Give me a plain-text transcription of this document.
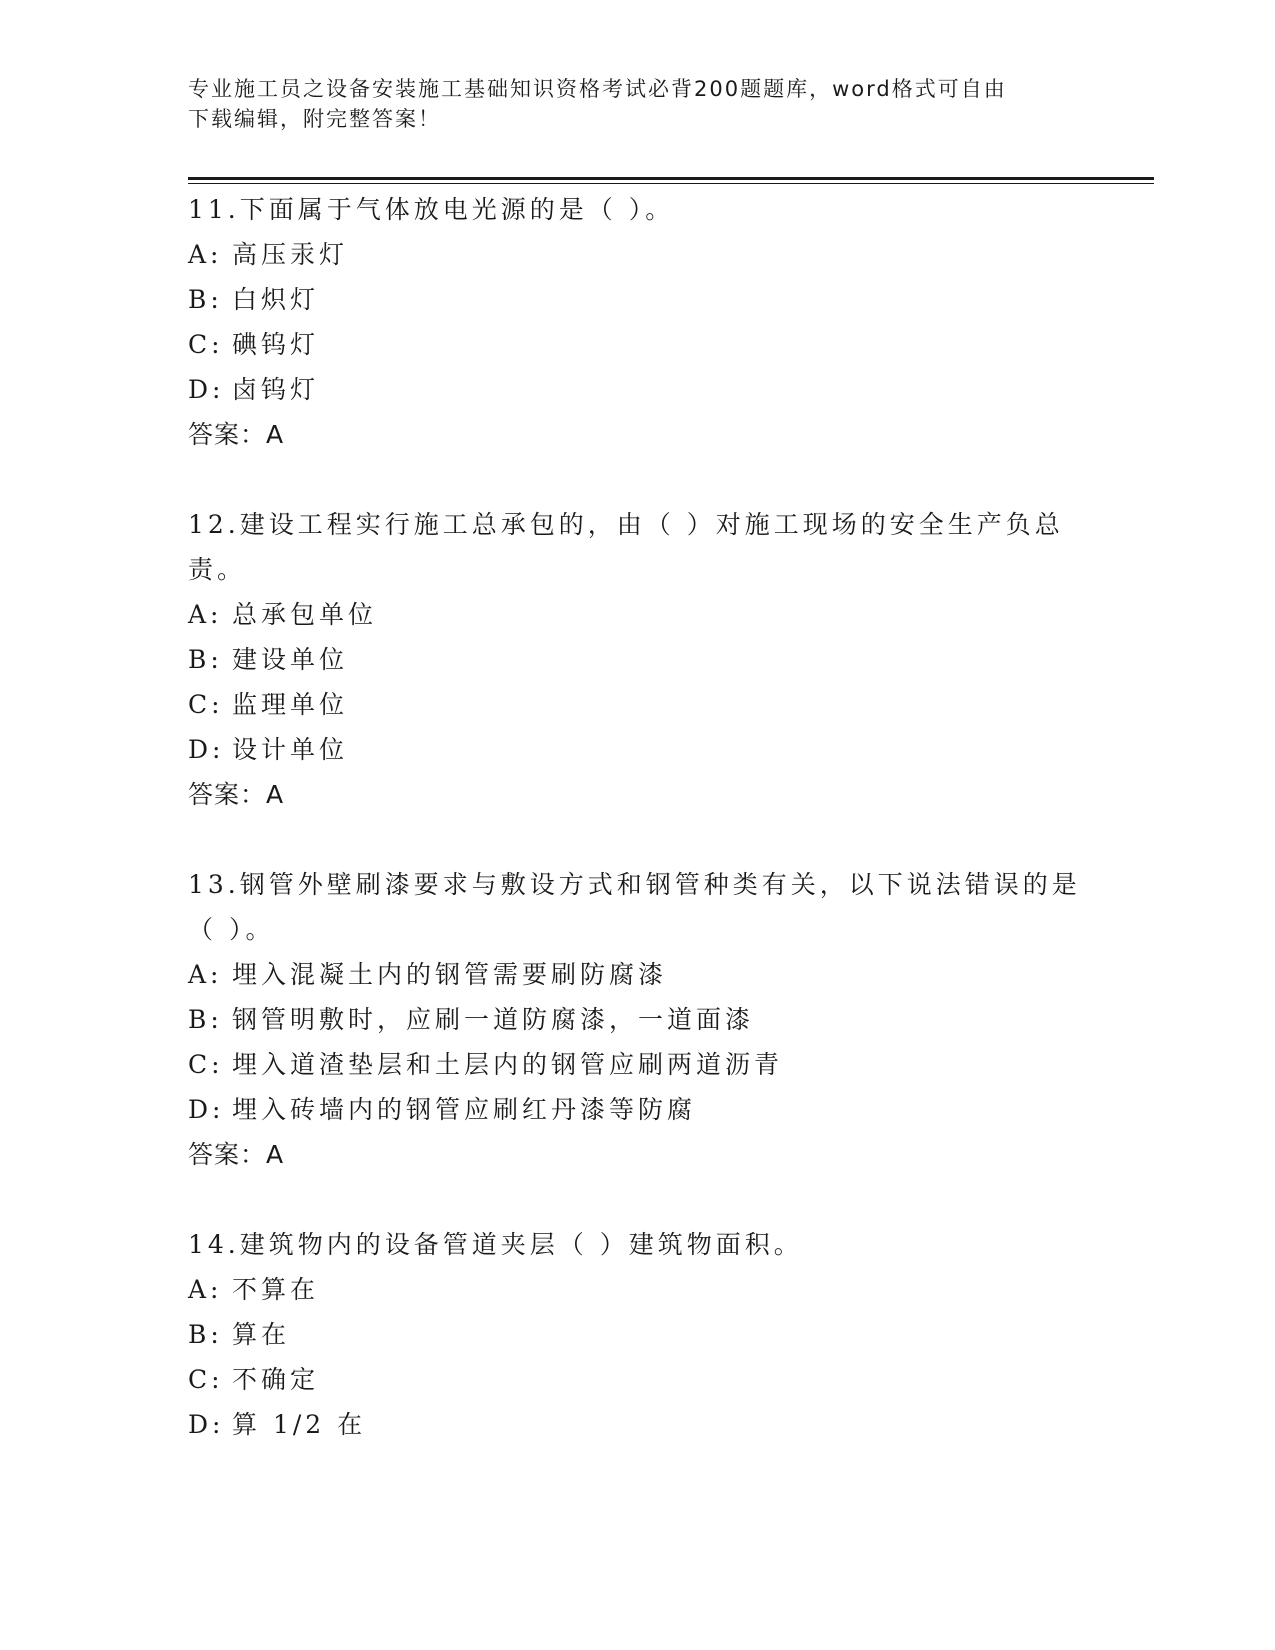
专业施工员之设备安装施工基础知识资格考试必背200题题库，word格式可自由
下载编辑，附完整答案！
11.下面属于气体放电光源的是（ ）。
A: 高压汞灯
B: 白炽灯
C: 碘钨灯
D: 卤钨灯
答案：A
12.建设工程实行施工总承包的，由（ ）对施工现场的安全生产负总
责。
A: 总承包单位
B: 建设单位
C: 监理单位
D: 设计单位
答案：A
13.钢管外壁刷漆要求与敷设方式和钢管种类有关，以下说法错误的是
（ ）。
A: 埋入混凝土内的钢管需要刷防腐漆
B: 钢管明敷时，应刷一道防腐漆，一道面漆
C: 埋入道渣垫层和土层内的钢管应刷两道沥青
D: 埋入砖墙内的钢管应刷红丹漆等防腐
答案：A
14.建筑物内的设备管道夹层（ ）建筑物面积。
A: 不算在
B: 算在
C: 不确定
D: 算 1/2 在
